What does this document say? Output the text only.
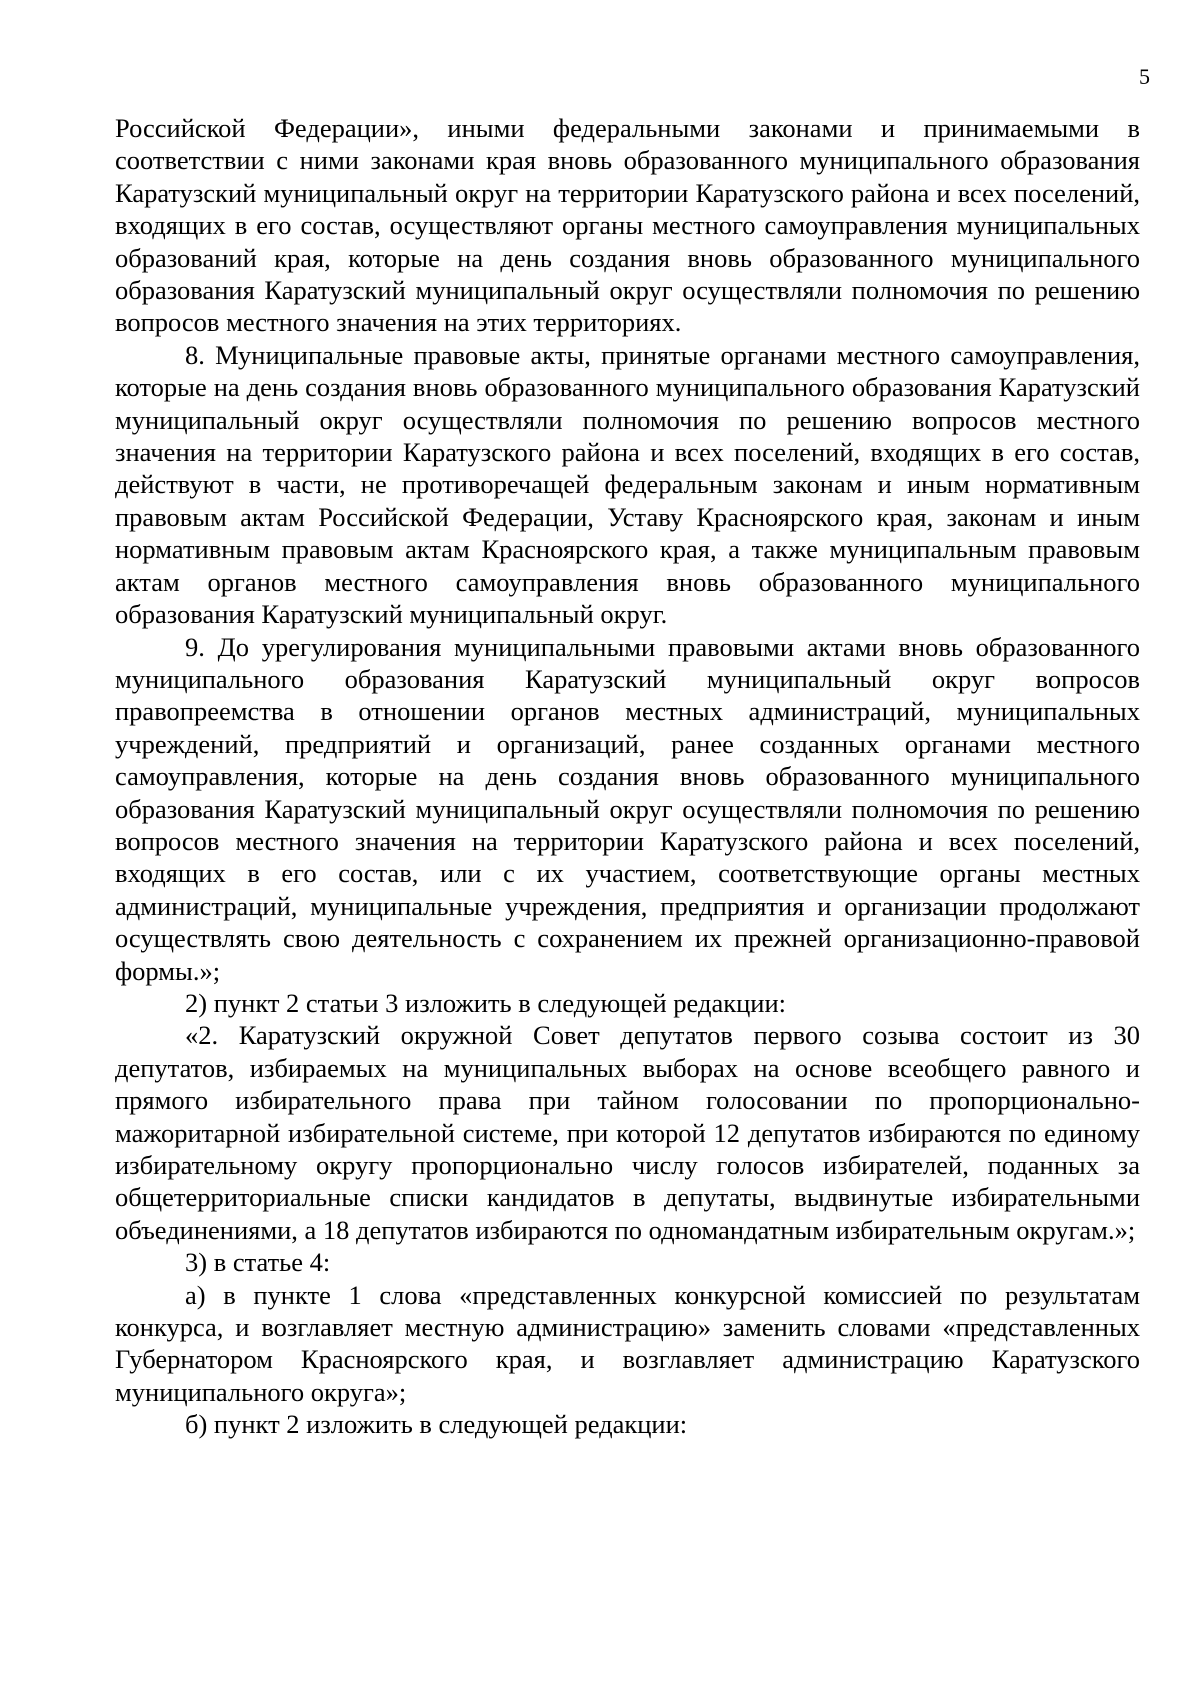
5

Российской Федерации», иными федеральными законами и принимаемыми в соответствии с ними законами края вновь образованного муниципального образования Каратузский муниципальный округ на территории Каратузского района и всех поселений, входящих в его состав, осуществляют органы местного самоуправления муниципальных образований края, которые на день создания вновь образованного муниципального образования Каратузский муниципальный округ осуществляли полномочия по решению вопросов местного значения на этих территориях.

8. Муниципальные правовые акты, принятые органами местного самоуправления, которые на день создания вновь образованного муниципального образования Каратузский муниципальный округ осуществляли полномочия по решению вопросов местного значения на территории Каратузского района и всех поселений, входящих в его состав, действуют в части, не противоречащей федеральным законам и иным нормативным правовым актам Российской Федерации, Уставу Красноярского края, законам и иным нормативным правовым актам Красноярского края, а также муниципальным правовым актам органов местного самоуправления вновь образованного муниципального образования Каратузский муниципальный округ.

9. До урегулирования муниципальными правовыми актами вновь образованного муниципального образования Каратузский муниципальный округ вопросов правопреемства в отношении органов местных администраций, муниципальных учреждений, предприятий и организаций, ранее созданных органами местного самоуправления, которые на день создания вновь образованного муниципального образования Каратузский муниципальный округ осуществляли полномочия по решению вопросов местного значения на территории Каратузского района и всех поселений, входящих в его состав, или с их участием, соответствующие органы местных администраций, муниципальные учреждения, предприятия и организации продолжают осуществлять свою деятельность с сохранением их прежней организационно-правовой формы.»;

2) пункт 2 статьи 3 изложить в следующей редакции:

«2. Каратузский окружной Совет депутатов первого созыва состоит из 30 депутатов, избираемых на муниципальных выборах на основе всеобщего равного и прямого избирательного права при тайном голосовании по пропорционально-мажоритарной избирательной системе, при которой 12 депутатов избираются по единому избирательному округу пропорционально числу голосов избирателей, поданных за общетерриториальные списки кандидатов в депутаты, выдвинутые избирательными объединениями, а 18 депутатов избираются по одномандатным избирательным округам.»;

3) в статье 4:

а) в пункте 1 слова «представленных конкурсной комиссией по результатам конкурса, и возглавляет местную администрацию» заменить словами «представленных Губернатором Красноярского края, и возглавляет администрацию Каратузского муниципального округа»;

б) пункт 2 изложить в следующей редакции:
